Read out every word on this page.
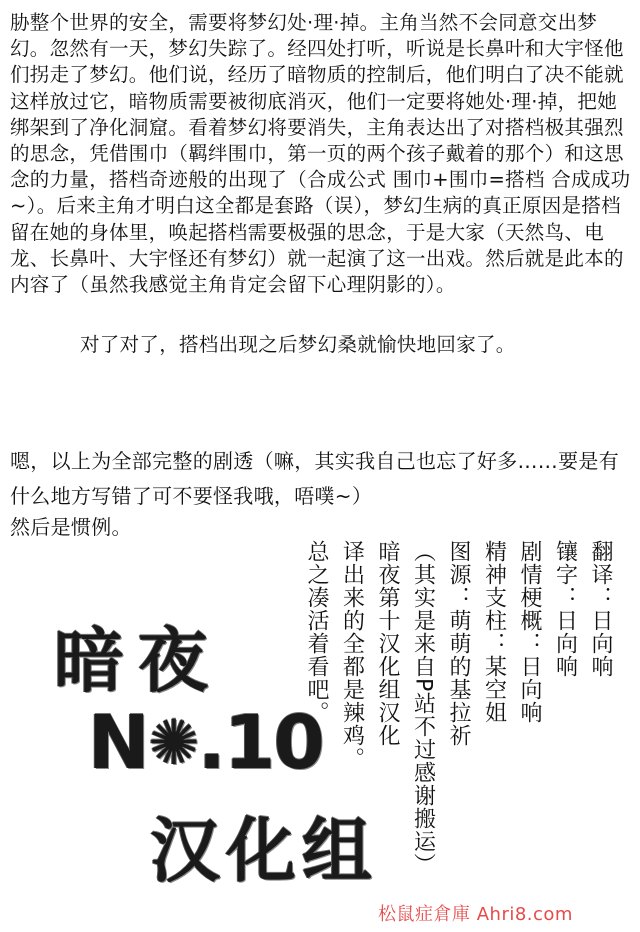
胁整个世界的安全，需要将梦幻处·理·掉。主角当然不会同意交出梦幻。忽然有一天，梦幻失踪了。经四处打听，听说是长鼻叶和大宇怪他们拐走了梦幻。他们说，经历了暗物质的控制后，他们明白了决不能就这样放过它，暗物质需要被彻底消灭，他们一定要将她处·理·掉，把她绑架到了净化洞窟。看着梦幻将要消失，主角表达出了对搭档极其强烈的思念，凭借围巾（羁绊围巾，第一页的两个孩子戴着的那个）和这思念的力量，搭档奇迹般的出现了（合成公式 围巾+围巾=搭档 合成成功~）。后来主角才明白这全都是套路（误），梦幻生病的真正原因是搭档留在她的身体里，唤起搭档需要极强的思念，于是大家（天然鸟、电龙、长鼻叶、大宇怪还有梦幻）就一起演了这一出戏。然后就是此本的内容了（虽然我感觉主角肯定会留下心理阴影的）。

对了对了，搭档出现之后梦幻桑就愉快地回家了。

嗯，以上为全部完整的剧透（嘛，其实我自己也忘了好多……要是有什么地方写错了可不要怪我哦，唔噗~）

然后是惯例。

翻译：日向响
镶字：日向响
剧情梗概：日向响
精神支柱：某空姐
图源：萌萌的基拉祈
（其实是来自P站不过感谢搬运）
暗夜第十汉化组汉化
译出来的全都是辣鸡。
总之凑活着看吧。
暗夜
N✺.10
汉化组
松鼠症倉庫 Ahri8.com
